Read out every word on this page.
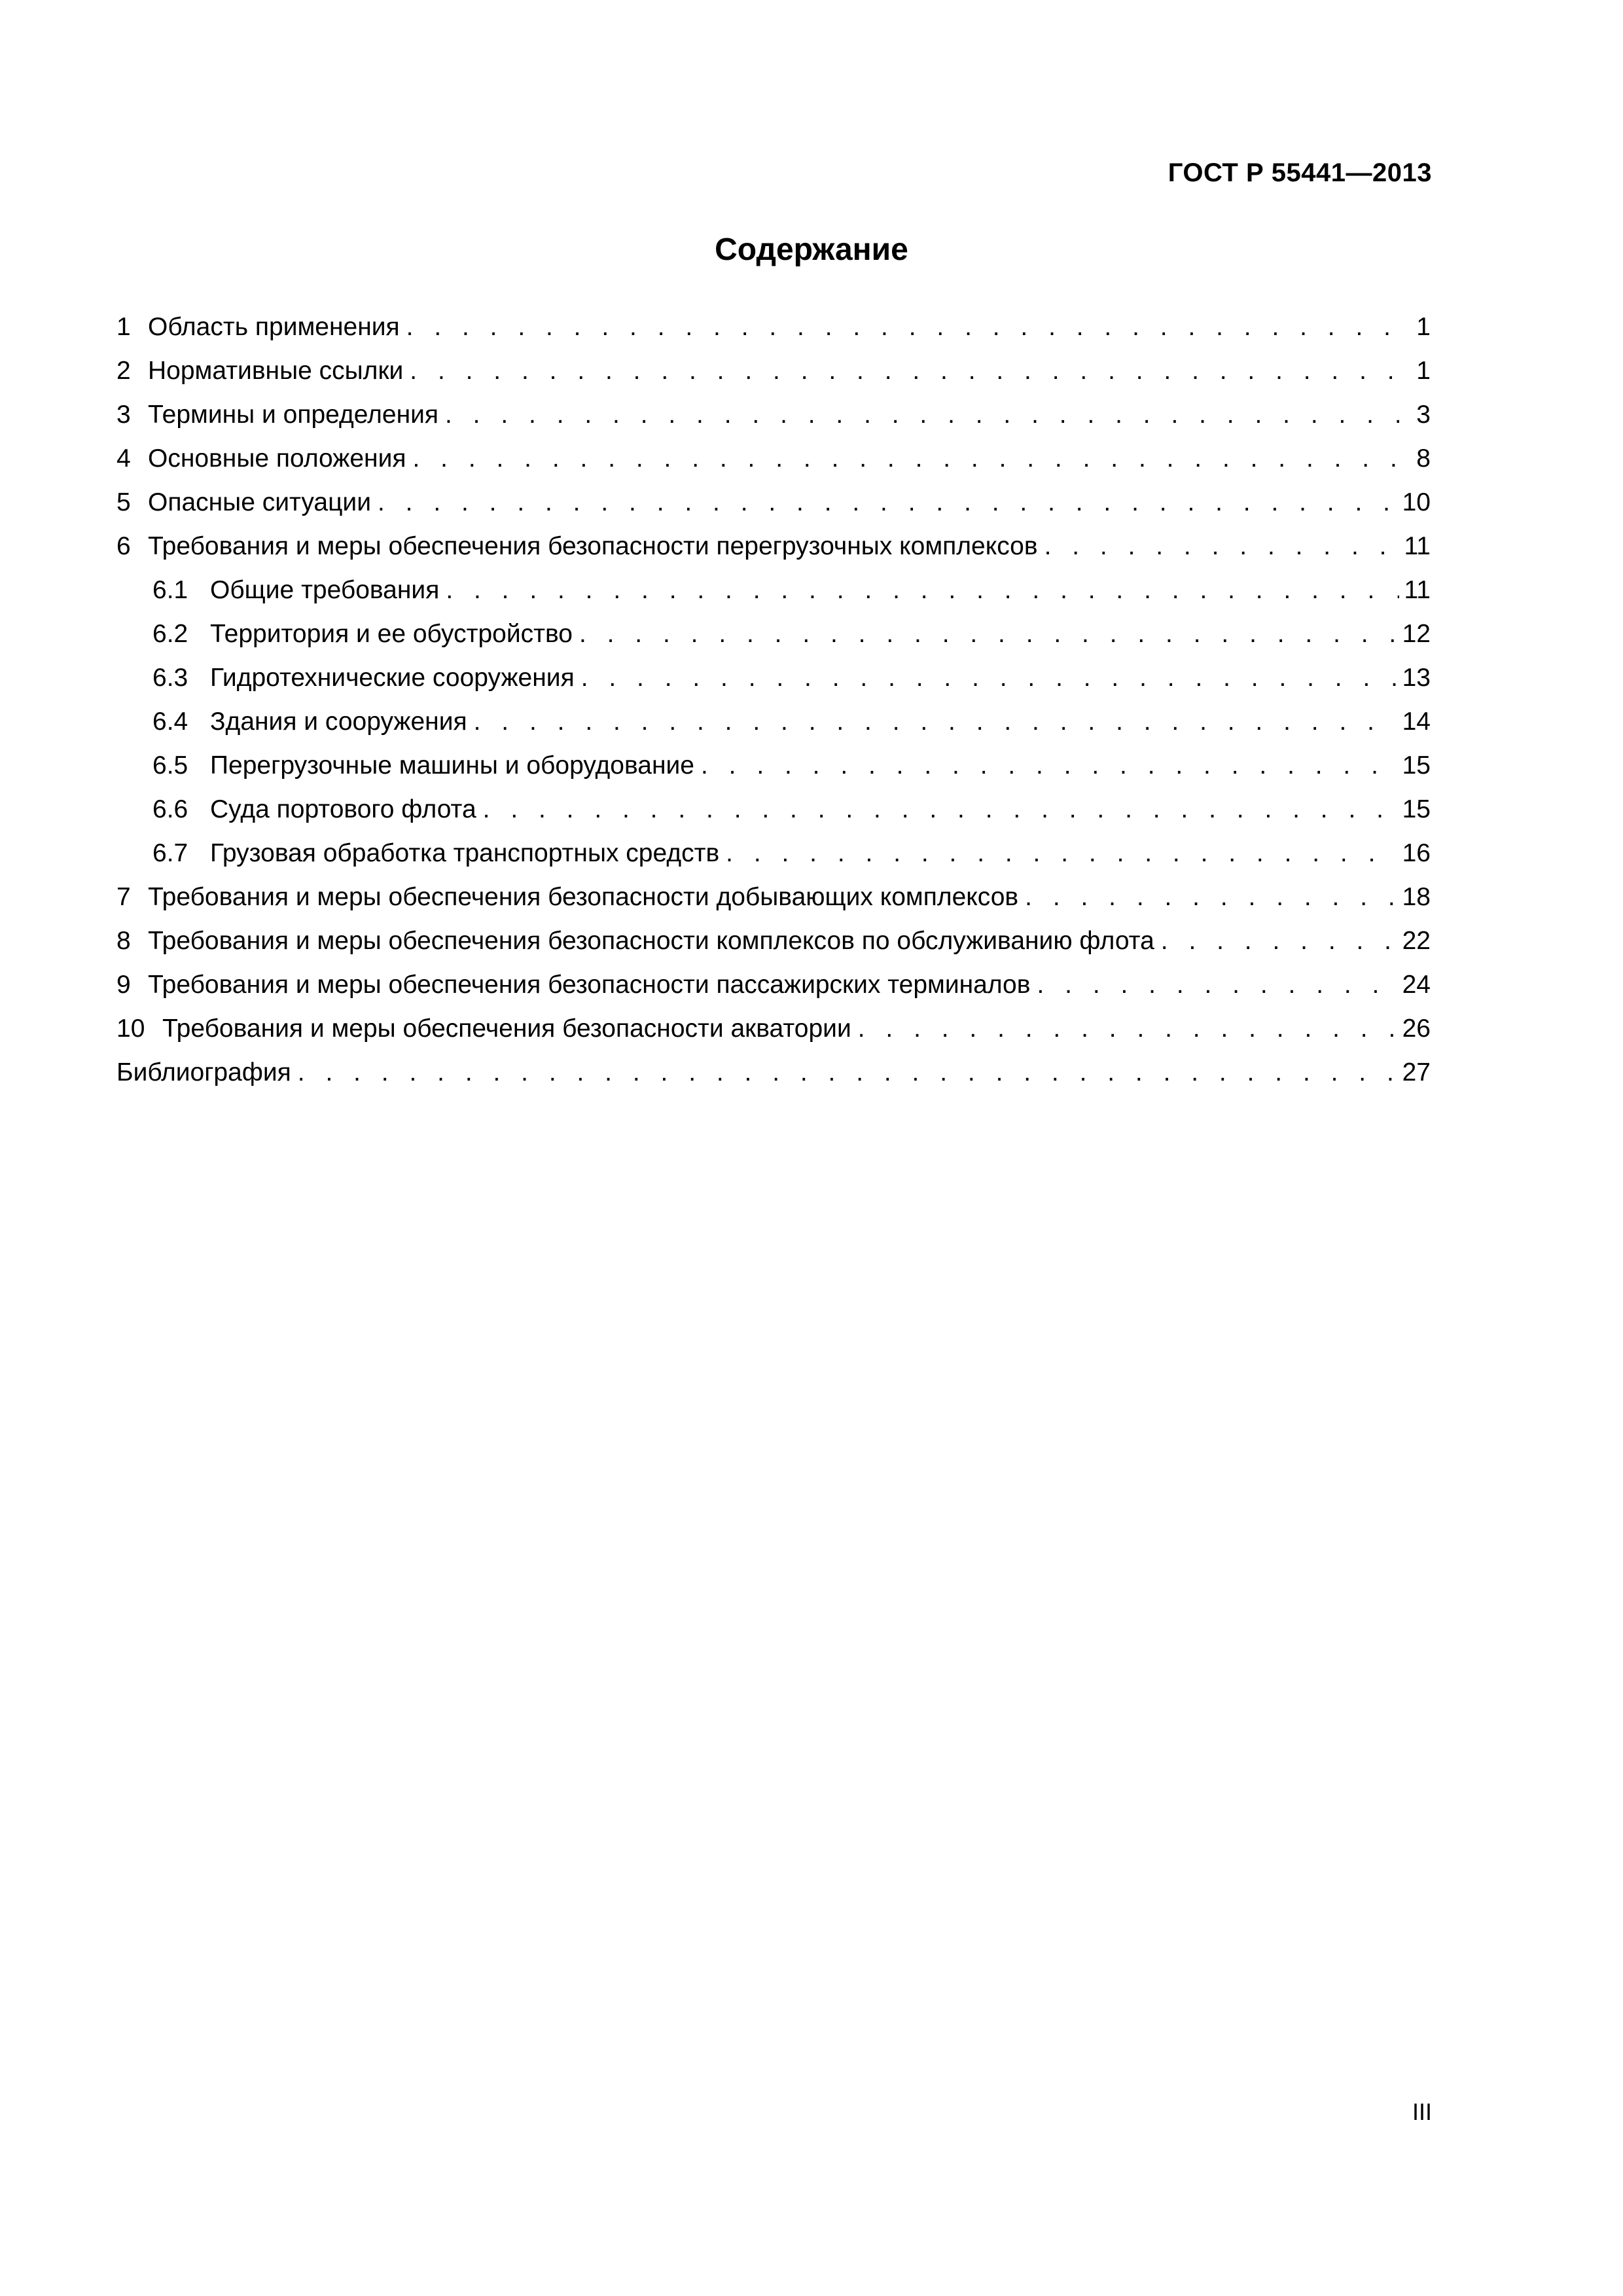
ГОСТ Р 55441—2013
Содержание
1 Область применения . . .	1
2 Нормативные ссылки . . .	1
3 Термины и определения . . .	3
4 Основные положения . . .	8
5 Опасные ситуации . . .	10
6 Требования и меры обеспечения безопасности перегрузочных комплексов . . .	11
6.1 Общие требования . . .	11
6.2 Территория и ее обустройство . . .	12
6.3 Гидротехнические сооружения . . .	13
6.4 Здания и сооружения . . .	14
6.5 Перегрузочные машины и оборудование . . .	15
6.6 Суда портового флота . . .	15
6.7 Грузовая обработка транспортных средств . . .	16
7 Требования и меры обеспечения безопасности добывающих комплексов . . .	18
8 Требования и меры обеспечения безопасности комплексов по обслуживанию флота . . .	22
9 Требования и меры обеспечения безопасности пассажирских терминалов . . .	24
10 Требования и меры обеспечения безопасности акватории . . .	26
Библиография . . .	27
III
